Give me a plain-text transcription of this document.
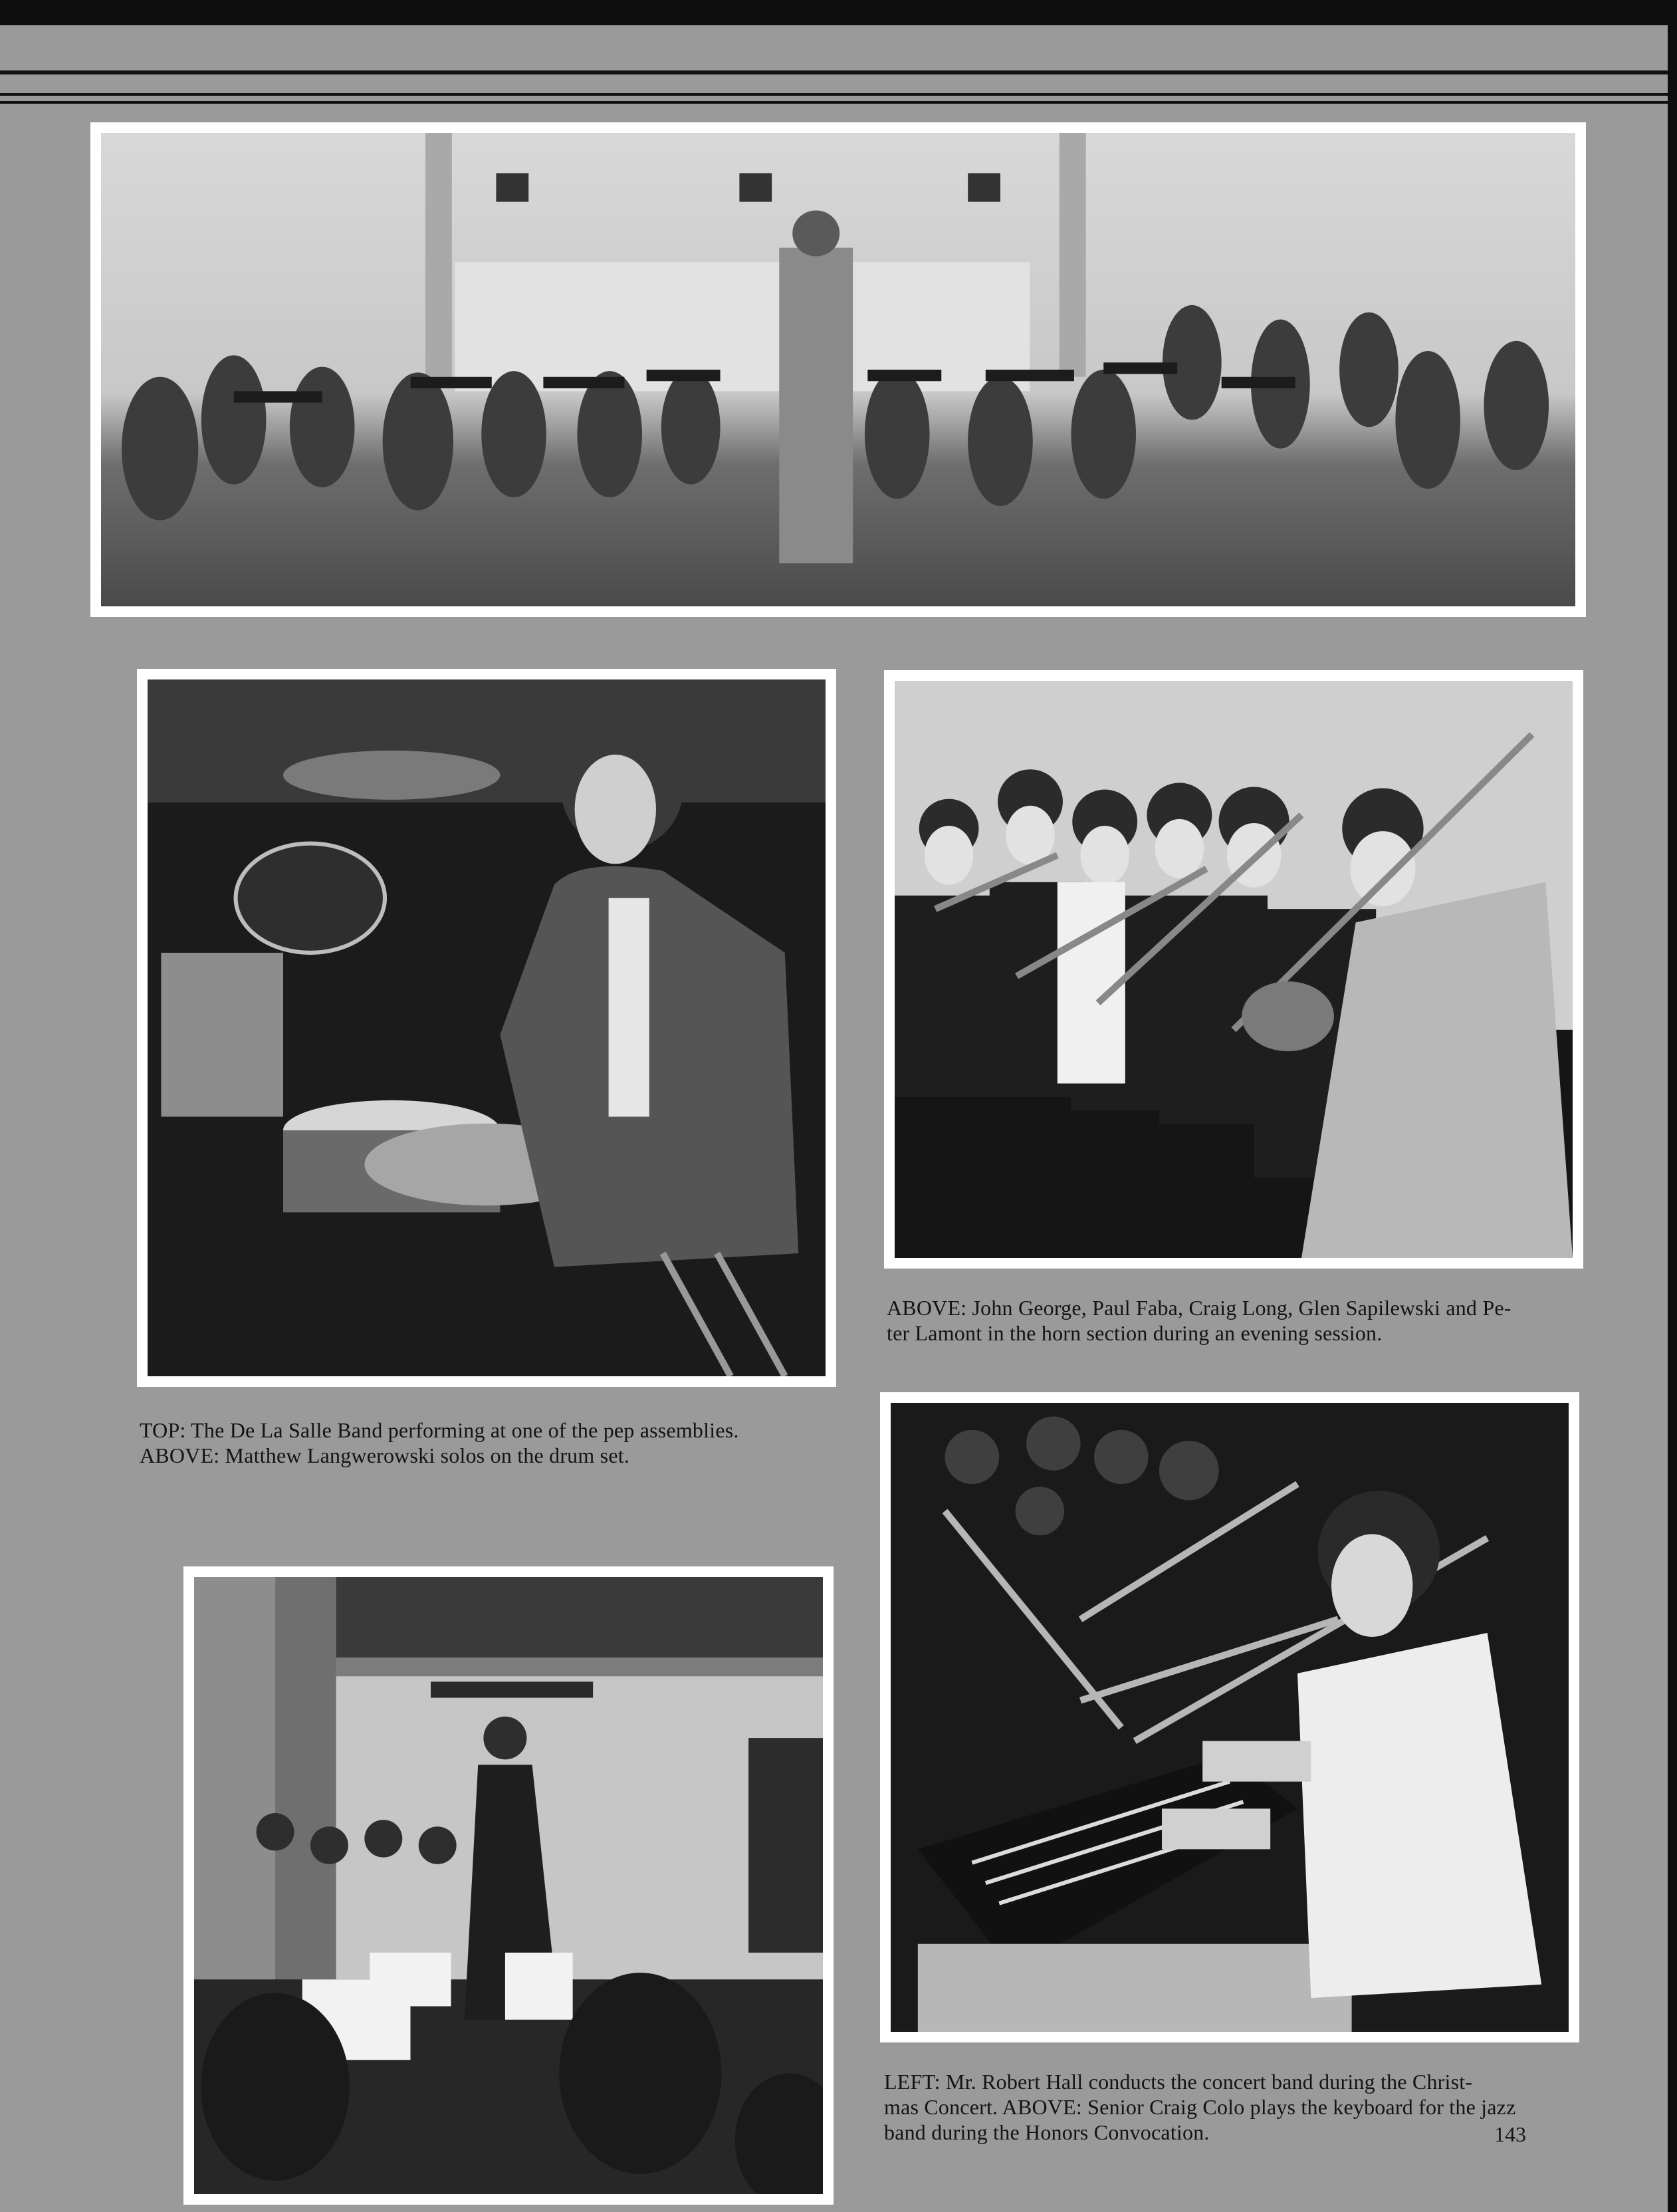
ABOVE: John George, Paul Faba, Craig Long, Glen Sapilewski and Pe-

ter Lamont in the horn section during an evening session.

TOP: The De La Salle Band performing at one of the pep assemblies.

ABOVE: Matthew Langwerowski solos on the drum set.

LEFT: Mr. Robert Hall conducts the concert band during the Christ-

mas Concert. ABOVE: Senior Craig Colo plays the keyboard for the jazz

band during the Honors Convocation.	143
